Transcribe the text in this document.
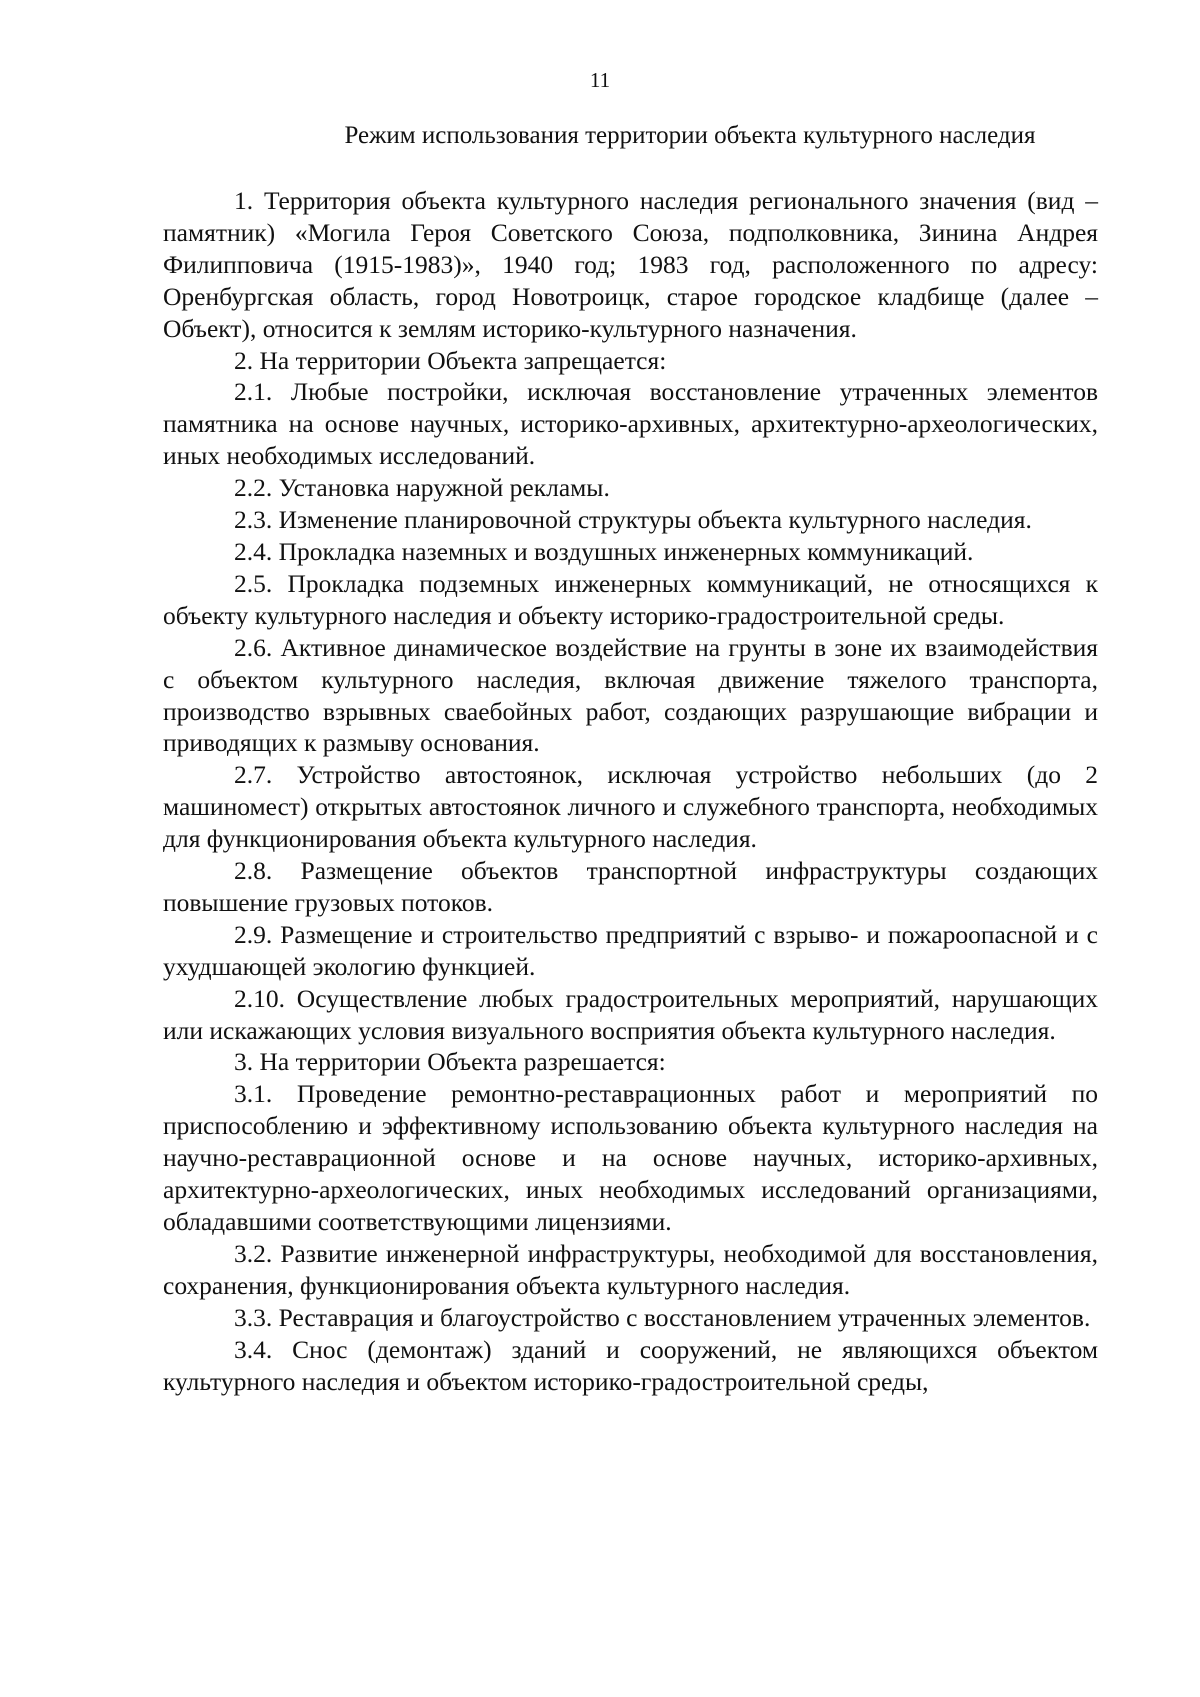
11
Режим использования территории объекта культурного наследия

1. Территория объекта культурного наследия регионального значения (вид – памятник) «Могила Героя Советского Союза, подполковника, Зинина Андрея Филипповича (1915-1983)», 1940 год; 1983 год, расположенного по адресу: Оренбургская область, город Новотроицк, старое городское кладбище (далее – Объект), относится к землям историко-культурного назначения.

2. На территории Объекта запрещается:

2.1. Любые постройки, исключая восстановление утраченных элементов памятника на основе научных, историко-архивных, архитектурно-археологических, иных необходимых исследований.

2.2. Установка наружной рекламы.

2.3. Изменение планировочной структуры объекта культурного наследия.

2.4. Прокладка наземных и воздушных инженерных коммуникаций.

2.5. Прокладка подземных инженерных коммуникаций, не относящихся к объекту культурного наследия и объекту историко-градостроительной среды.

2.6. Активное динамическое воздействие на грунты в зоне их взаимодействия с объектом культурного наследия, включая движение тяжелого транспорта, производство взрывных сваебойных работ, создающих разрушающие вибрации и приводящих к размыву основания.

2.7. Устройство автостоянок, исключая устройство небольших (до 2 машиномест) открытых автостоянок личного и служебного транспорта, необходимых для функционирования объекта культурного наследия.

2.8. Размещение объектов транспортной инфраструктуры создающих повышение грузовых потоков.

2.9. Размещение и строительство предприятий с взрыво- и пожароопасной и с ухудшающей экологию функцией.

2.10. Осуществление любых градостроительных мероприятий, нарушающих или искажающих условия визуального восприятия объекта культурного наследия.

3. На территории Объекта разрешается:

3.1. Проведение ремонтно-реставрационных работ и мероприятий по приспособлению и эффективному использованию объекта культурного наследия на научно-реставрационной основе и на основе научных, историко-архивных, архитектурно-археологических, иных необходимых исследований организациями, обладавшими соответствующими лицензиями.

3.2. Развитие инженерной инфраструктуры, необходимой для восстановления, сохранения, функционирования объекта культурного наследия.

3.3. Реставрация и благоустройство с восстановлением утраченных элементов.

3.4. Снос (демонтаж) зданий и сооружений, не являющихся объектом культурного наследия и объектом историко-градостроительной среды,
